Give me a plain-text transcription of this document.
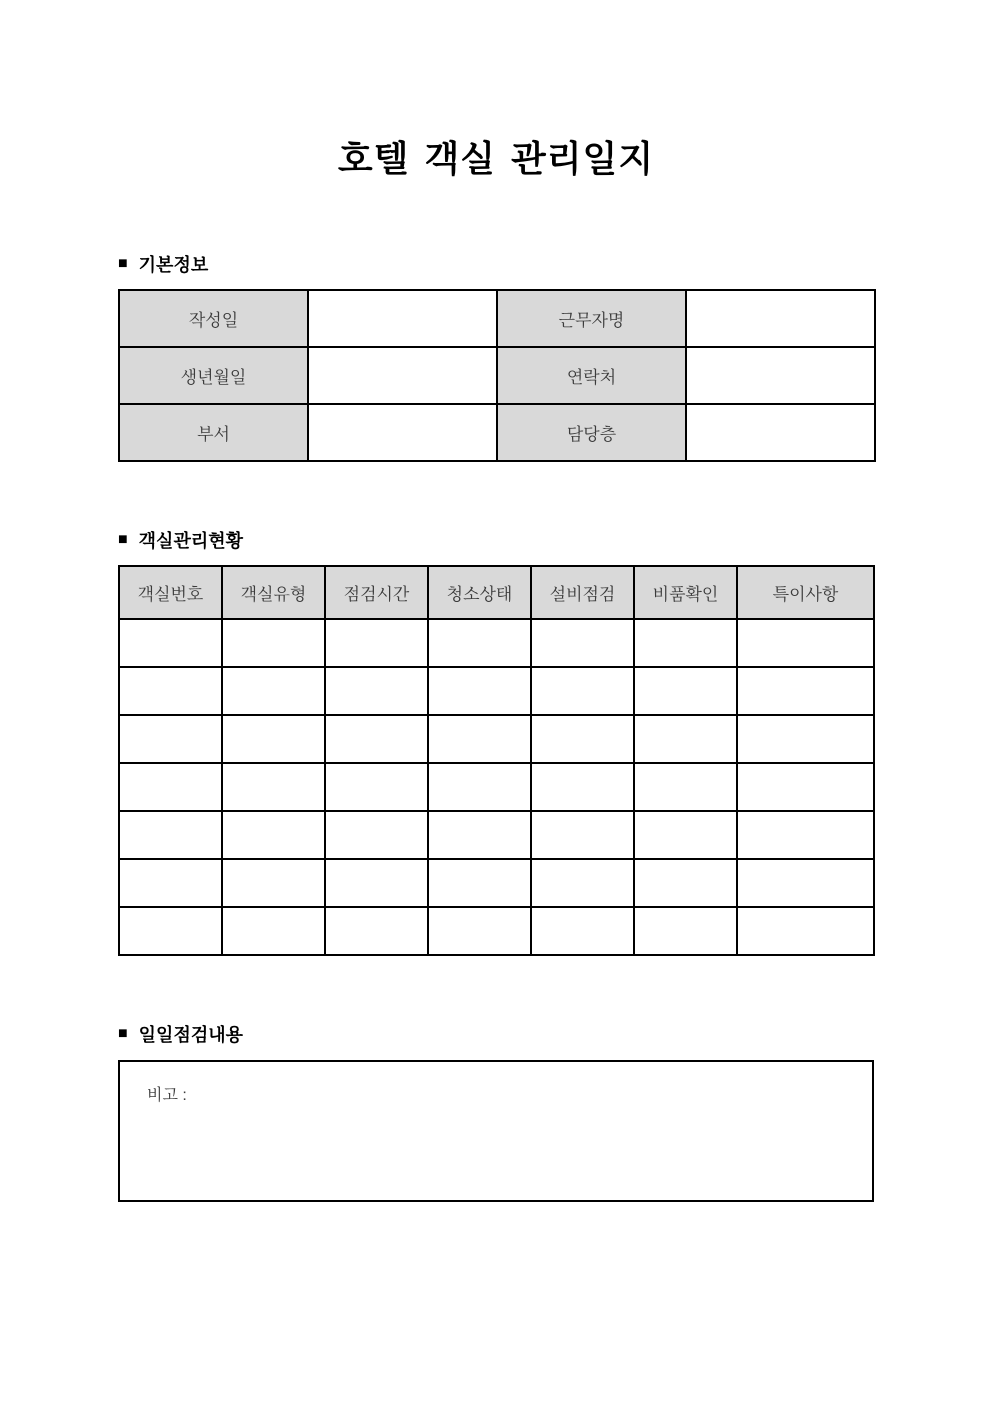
호텔 객실 관리일지
■ 기본정보
작성일		근무자명	
생년월일		연락처	
부서		담당층	
■ 객실관리현황
객실번호	객실유형	점검시간	청소상태	설비점검	비품확인	특이사항

■ 일일점검내용
비고 :
